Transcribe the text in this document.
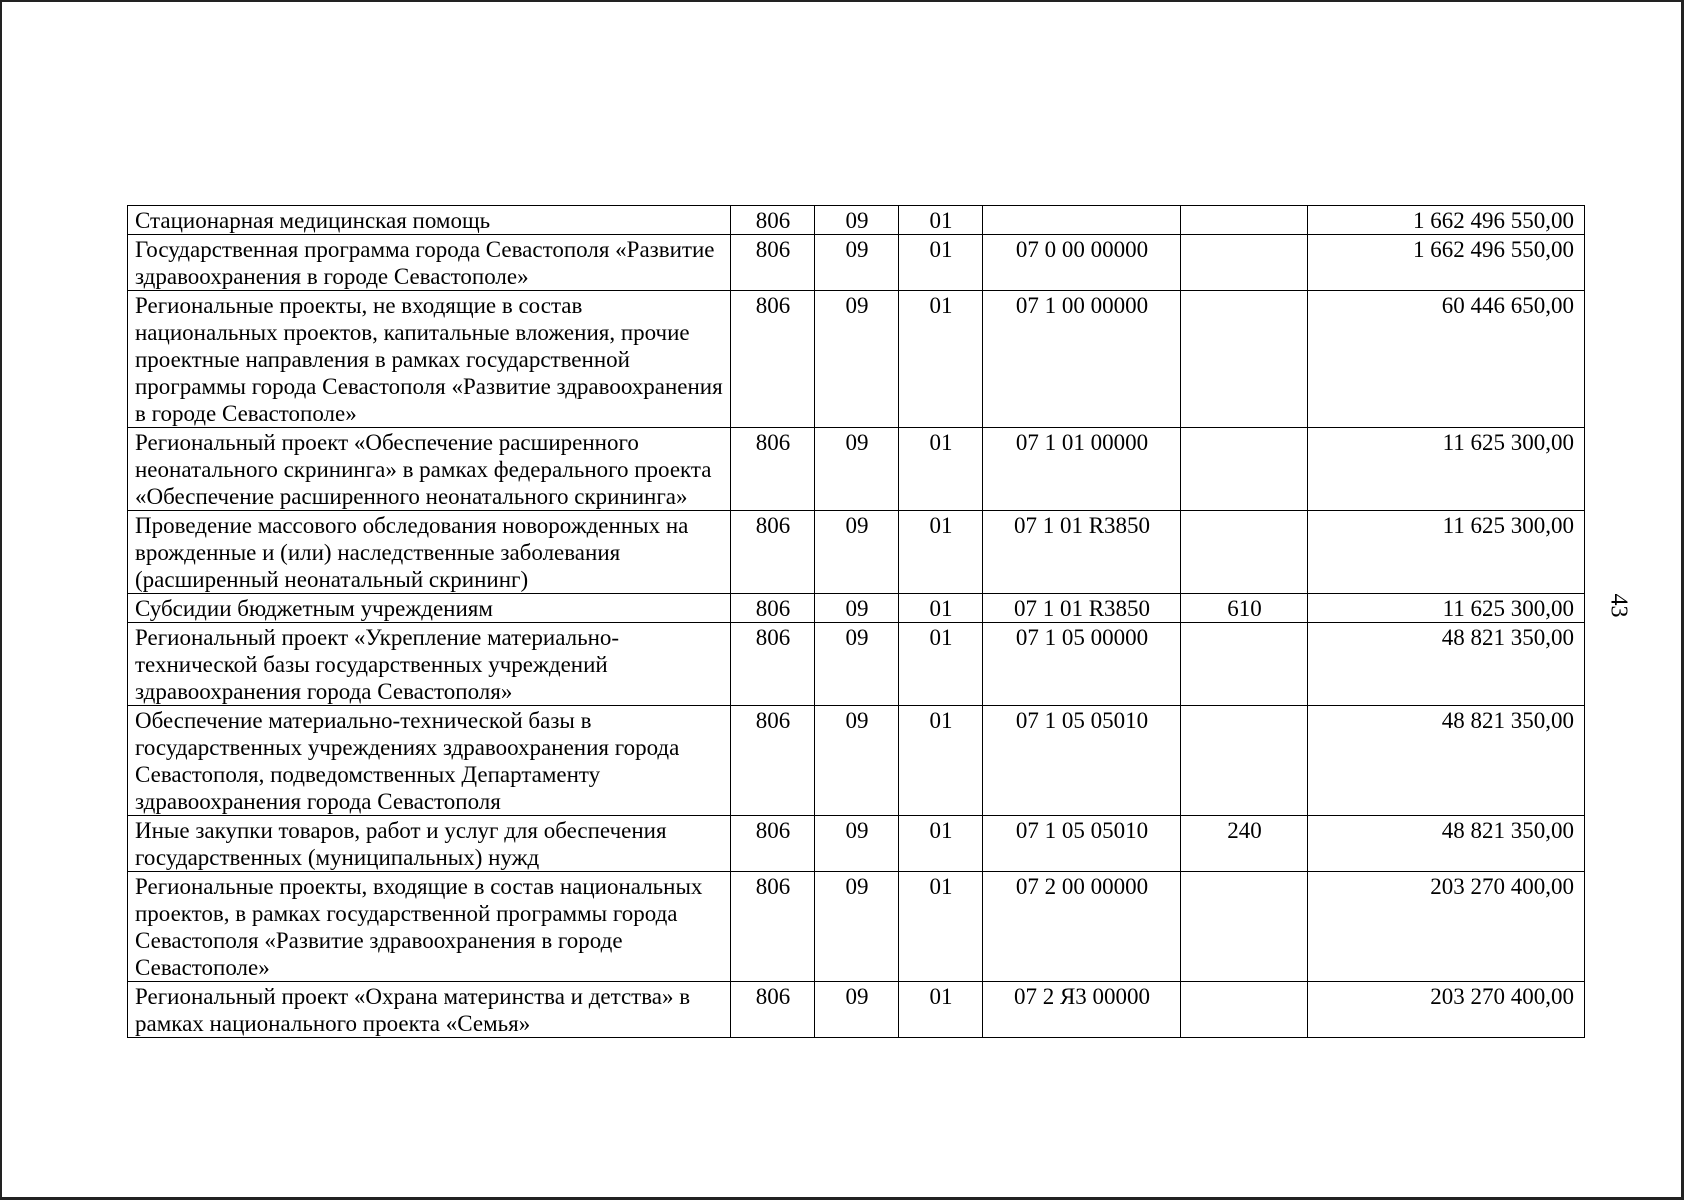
Стационарная медицинская помощь	806	09	01			1 662 496 550,00
Государственная программа города Севастополя «Развитие здравоохранения в городе Севастополе»	806	09	01	07 0 00 00000		1 662 496 550,00
Региональные проекты, не входящие в состав национальных проектов, капитальные вложения, прочие проектные направления в рамках государственной программы города Севастополя «Развитие здравоохранения в городе Севастополе»	806	09	01	07 1 00 00000		60 446 650,00
Региональный проект «Обеспечение расширенного неонатального скрининга» в рамках федерального проекта «Обеспечение расширенного неонатального скрининга»	806	09	01	07 1 01 00000		11 625 300,00
Проведение массового обследования новорожденных на врожденные и (или) наследственные заболевания (расширенный неонатальный скрининг)	806	09	01	07 1 01 R3850		11 625 300,00
Субсидии бюджетным учреждениям	806	09	01	07 1 01 R3850	610	11 625 300,00
Региональный проект «Укрепление материально-технической базы государственных учреждений здравоохранения города Севастополя»	806	09	01	07 1 05 00000		48 821 350,00
Обеспечение материально-технической базы в государственных учреждениях здравоохранения города Севастополя, подведомственных Департаменту здравоохранения города Севастополя	806	09	01	07 1 05 05010		48 821 350,00
Иные закупки товаров, работ и услуг для обеспечения государственных (муниципальных) нужд	806	09	01	07 1 05 05010	240	48 821 350,00
Региональные проекты, входящие в состав национальных проектов, в рамках государственной программы города Севастополя «Развитие здравоохранения в городе Севастополе»	806	09	01	07 2 00 00000		203 270 400,00
Региональный проект «Охрана материнства и детства» в рамках национального проекта «Семья»	806	09	01	07 2 Я3 00000		203 270 400,00
43
